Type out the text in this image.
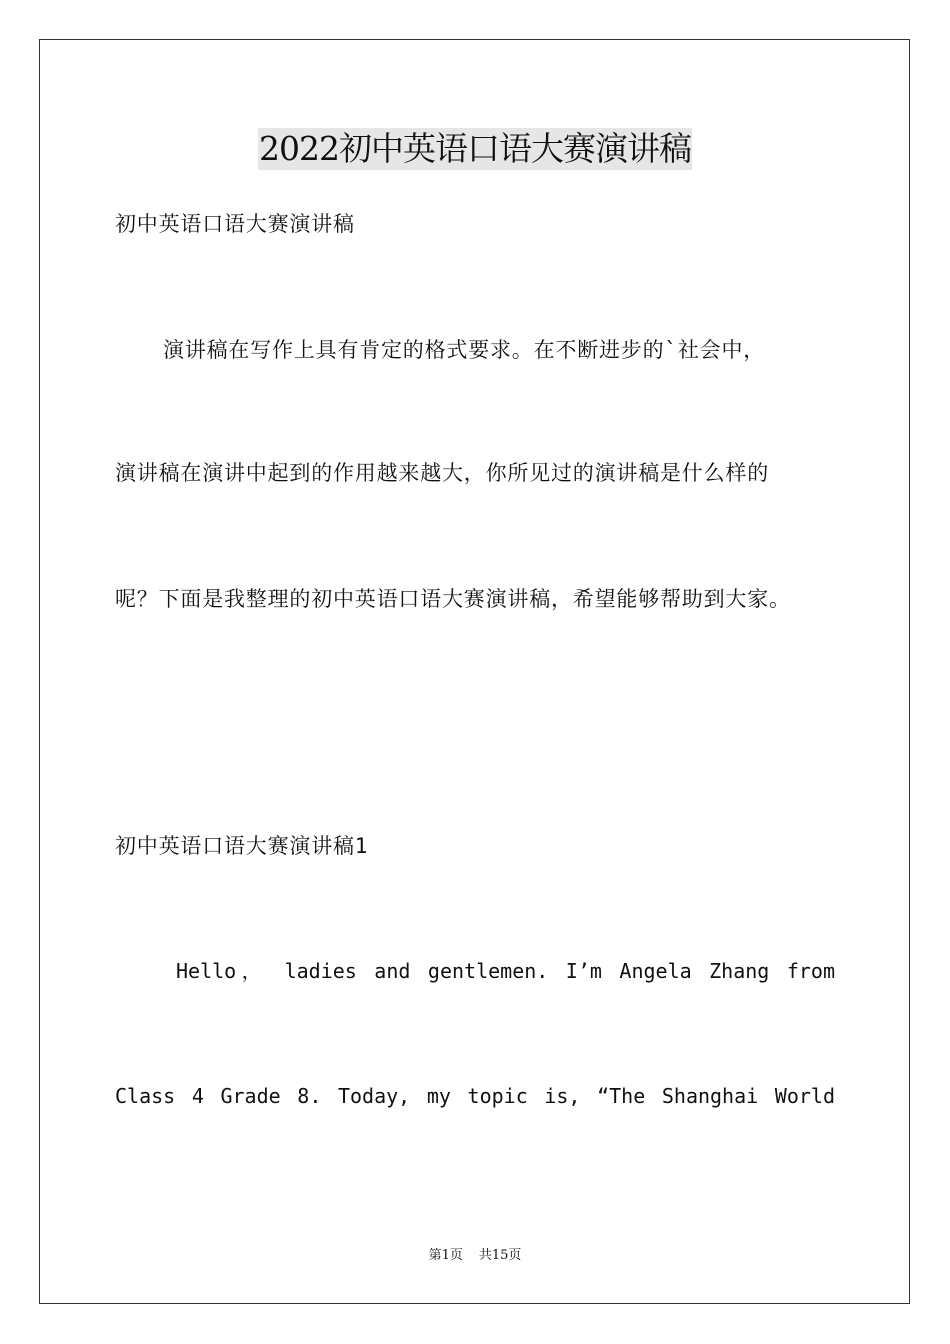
2022初中英语口语大赛演讲稿
初中英语口语大赛演讲稿
演讲稿在写作上具有肯定的格式要求。在不断进步的`社会中，
演讲稿在演讲中起到的作用越来越大，你所见过的演讲稿是什么样的
呢？下面是我整理的初中英语口语大赛演讲稿，希望能够帮助到大家。
初中英语口语大赛演讲稿1
Hello， ladies and gentlemen. I’m Angela Zhang from
Class 4 Grade 8. Today, my topic is, “The Shanghai World
第1页 共15页
